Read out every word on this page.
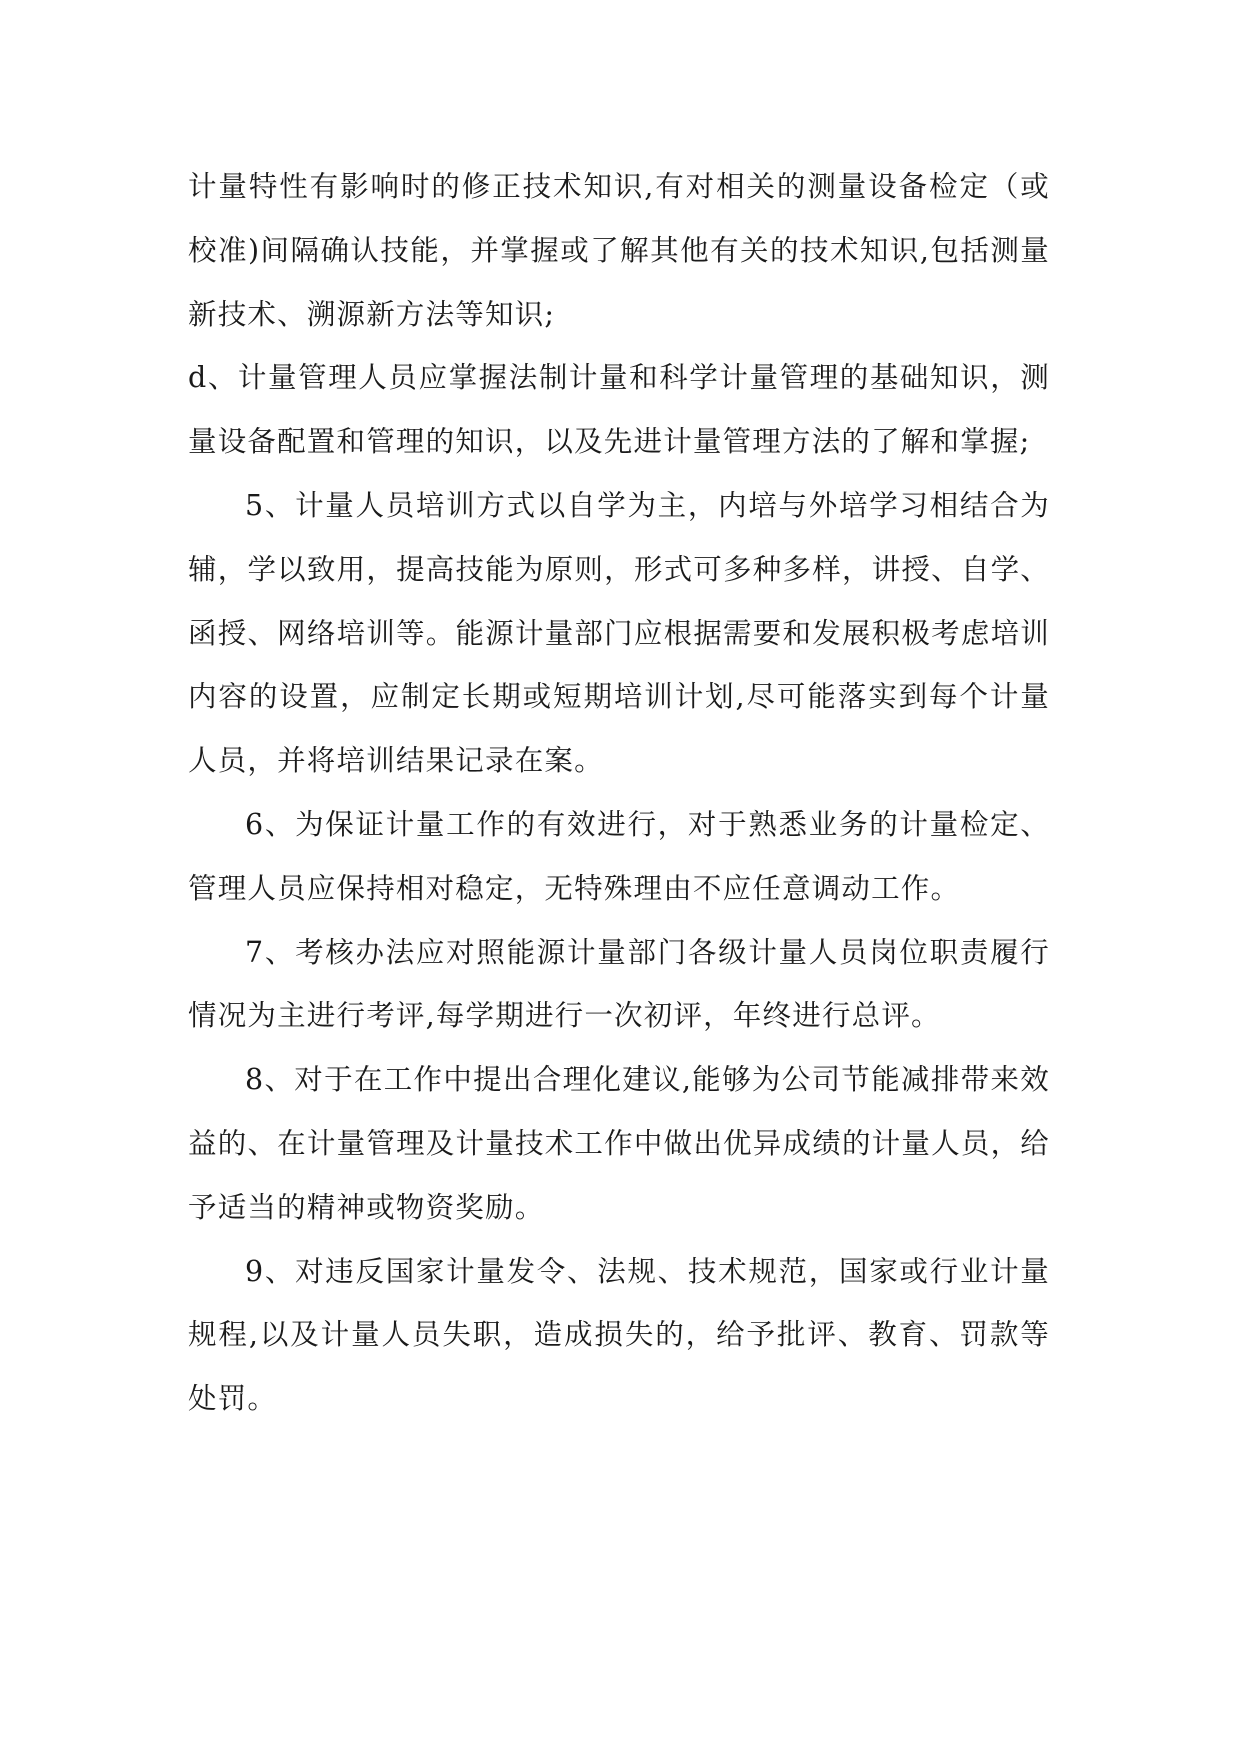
计量特性有影响时的修正技术知识,有对相关的测量设备检定（或校准)间隔确认技能，并掌握或了解其他有关的技术知识,包括测量新技术、溯源新方法等知识;

d、计量管理人员应掌握法制计量和科学计量管理的基础知识，测量设备配置和管理的知识，以及先进计量管理方法的了解和掌握;

5、计量人员培训方式以自学为主，内培与外培学习相结合为辅，学以致用，提高技能为原则，形式可多种多样，讲授、自学、函授、网络培训等。能源计量部门应根据需要和发展积极考虑培训内容的设置，应制定长期或短期培训计划,尽可能落实到每个计量人员，并将培训结果记录在案。

6、为保证计量工作的有效进行，对于熟悉业务的计量检定、管理人员应保持相对稳定，无特殊理由不应任意调动工作。

7、考核办法应对照能源计量部门各级计量人员岗位职责履行情况为主进行考评,每学期进行一次初评，年终进行总评。

8、对于在工作中提出合理化建议,能够为公司节能减排带来效益的、在计量管理及计量技术工作中做出优异成绩的计量人员，给予适当的精神或物资奖励。

9、对违反国家计量发令、法规、技术规范，国家或行业计量规程,以及计量人员失职，造成损失的，给予批评、教育、罚款等处罚。
